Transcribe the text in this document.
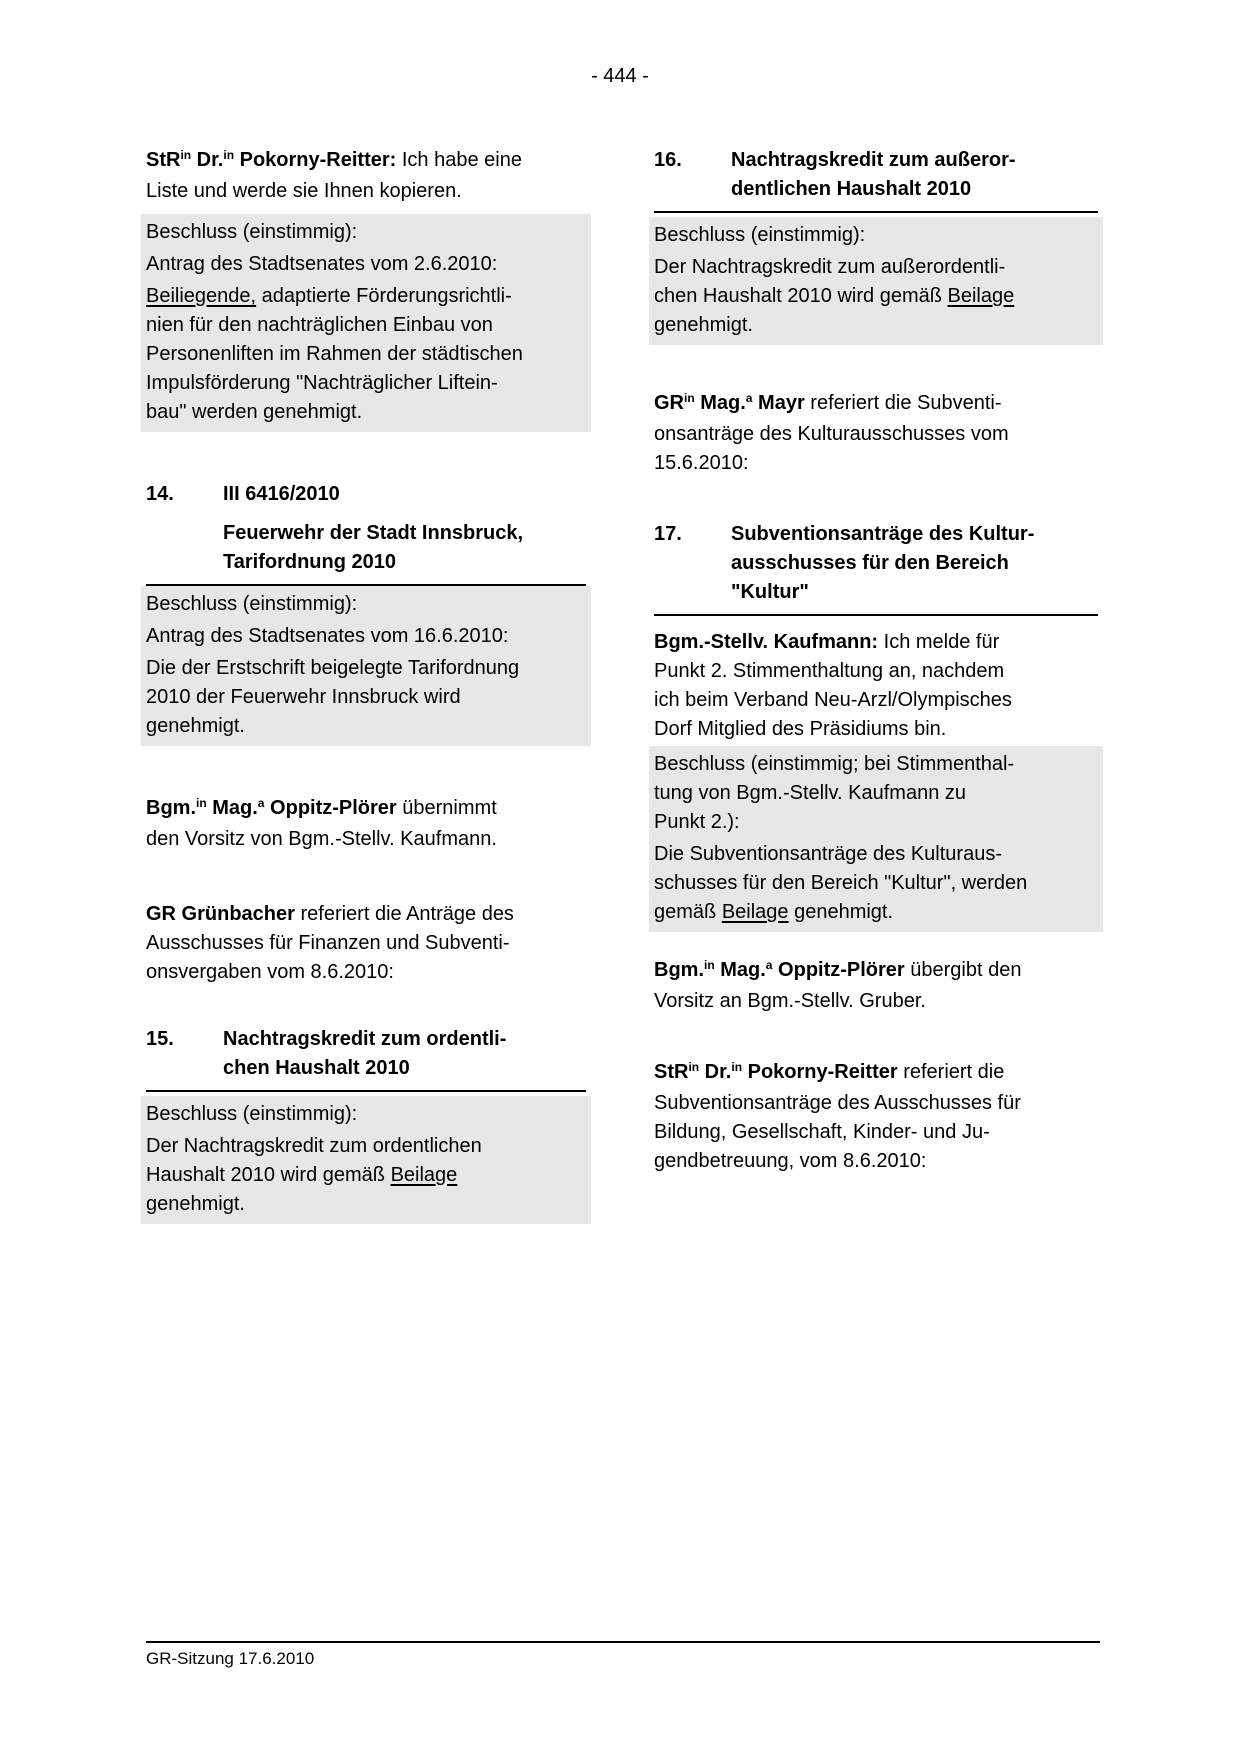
- 444 -
StR$^{in}$ Dr.$^{in}$ Pokorny-Reitter: Ich habe eine
Liste und werde sie Ihnen kopieren.
Beschluss (einstimmig):
Antrag des Stadtsenates vom 2.6.2010:
Beiliegende, adaptierte Förderungsrichtli-
nien für den nachträglichen Einbau von
Personenliften im Rahmen der städtischen
Impulsförderung "Nachträglicher Liftein-
bau" werden genehmigt.
14. III 6416/2010
Feuerwehr der Stadt Innsbruck,
Tarifordnung 2010
Beschluss (einstimmig):
Antrag des Stadtsenates vom 16.6.2010:
Die der Erstschrift beigelegte Tarifordnung
2010 der Feuerwehr Innsbruck wird
genehmigt.
Bgm.$^{in}$ Mag.$^a$ Oppitz-Plörer übernimmt
den Vorsitz von Bgm.-Stellv. Kaufmann.
GR Grünbacher referiert die Anträge des
Ausschusses für Finanzen und Subventi-
onsvergaben vom 8.6.2010:
15. Nachtragskredit zum ordentli-
chen Haushalt 2010
Beschluss (einstimmig):
Der Nachtragskredit zum ordentlichen
Haushalt 2010 wird gemäß Beilage
genehmigt.
16. Nachtragskredit zum außeror-
dentlichen Haushalt 2010
Beschluss (einstimmig):
Der Nachtragskredit zum außerordentli-
chen Haushalt 2010 wird gemäß Beilage
genehmigt.
$GR^{in}$ Mag.$^a$ Mayr referiert die Subventi-
onsanträge des Kulturausschusses vom
15.6.2010:
17. Subventionsanträge des Kultur-
ausschusses für den Bereich
"Kultur"
Bgm.-Stellv. Kaufmann: Ich melde für
Punkt 2. Stimmenthaltung an, nachdem
ich beim Verband Neu-Arzl/Olympisches
Dorf Mitglied des Präsidiums bin.
Beschluss (einstimmig; bei Stimmenthal-
tung von Bgm.-Stellv. Kaufmann zu
Punkt 2.):
Die Subventionsanträge des Kulturaus-
schusses für den Bereich "Kultur", werden
gemäß Beilage genehmigt.
Bgm.$^{in}$ Mag.$^a$ Oppitz-Plörer übergibt den
Vorsitz an Bgm.-Stellv. Gruber.
StR$^{in}$ Dr.$^{in}$ Pokorny-Reitter referiert die
Subventionsanträge des Ausschusses für
Bildung, Gesellschaft, Kinder- und Ju-
gendbetreuung, vom 8.6.2010:
GR-Sitzung 17.6.2010
